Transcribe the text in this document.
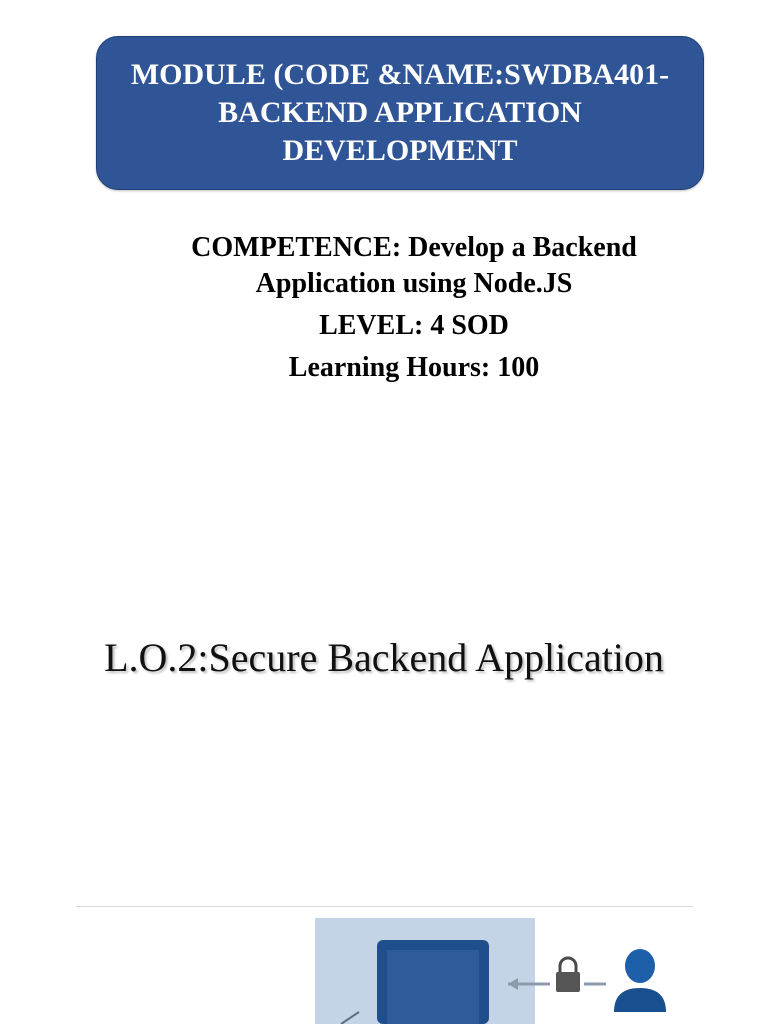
MODULE (CODE &NAME:SWDBA401-
BACKEND APPLICATION
DEVELOPMENT
COMPETENCE: Develop a Backend
Application using Node.JS
LEVEL: 4 SOD
Learning Hours: 100
L.O.2:Secure Backend Application
